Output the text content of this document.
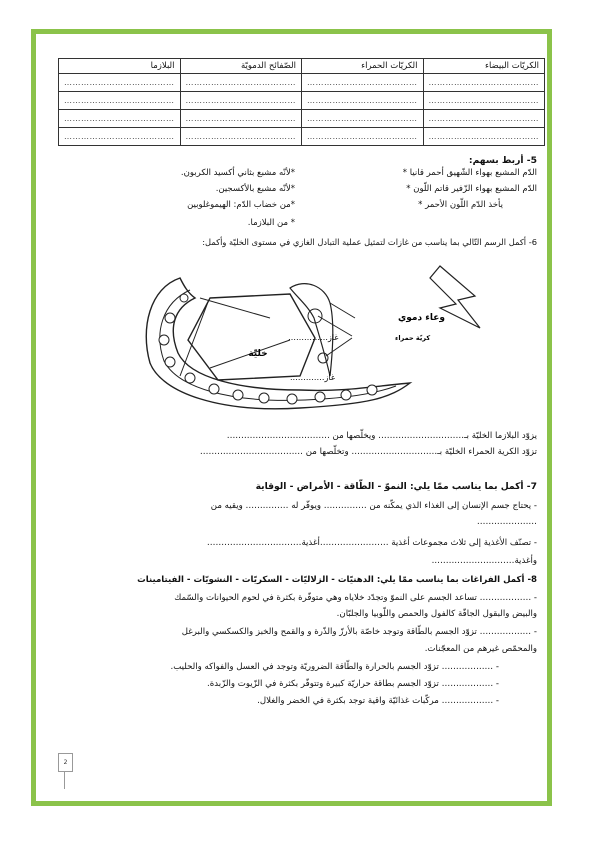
الكريّات البيضاء	الكريّات الحمراء	الصّفائح الدمويّة	البلازما
…………………………………	…………………………………	…………………………………	…………………………………
…………………………………	…………………………………	…………………………………	…………………………………
…………………………………	…………………………………	…………………………………	…………………………………
…………………………………	…………………………………	…………………………………	…………………………………
5- أربط بسهم:
الدّم المشبع بهواء الشّهيق أحمر قانيا *
الدّم المشبع بهواء الزّفير قاتم اللّون *
يأخذ الدّم اللّون الأحمر *
*لأنّه مشبع بثاني أكسيد الكربون.
*لأنّه مشبع بالأكسجين.
*من خضاب الدّم: الهيموغلوبين
* من البلازما.
6- أكمل الرسم التّالي بما يناسب من غازات لتمثيل عملية التبادل الغازي في مستوى الخليّة وأكمل:
وعاء دموي
كريّة حمراء
خليّة
غاز……………
غاز………….
يزوّد البلازما الخليّة بـ………………………… ويخلّصها من ………………………………
تزوّد الكرية الحمراء الخليّة بـ………………………… وتخلّصها من ………………………………
7- أكمل بما يناسب ممّا يلي: النموّ - الطّاقة - الأمراض - الوقاية
- يحتاج جسم الإنسان إلى الغذاء الذي يمكّنه من …………… ويوفّر له …………… ويقيه من
…………………
- تصنّف الأغذية إلى ثلاث مجموعات أغذية ……………………أغذية……………………………
وأغذية………………………..
8- أكمل الفراغات بما يناسب ممّا يلي: الدهنيّات - الزلاليّات - السكريّات - النشويّات - الفيتامينات
- ……………… تساعد الجسم على النموّ وتجدّد خلاياه وهي متوفّرة بكثرة في لحوم الحيوانات والسّمك
والبيض والبقول الجافّة كالفول والحمص واللّوبيا والجلبّان.
- ……………… تزوّد الجسم بالطّاقة وتوجد خاصّة بالأرزّ والذّرة و والقمح والخبز والكسكسي والبرغل
والمحمّص غيرهم من المعجّنات.
- ……………… تزوّد الجسم بالحرارة والطّاقة الضروريّة وتوجد في العسل والفواكه والحليب.
- ……………… تزوّد الجسم بطاقة حراريّة كبيرة وتتوفّر بكثرة في الزّيوت والزّبدة.
- ……………… مركّبات غذائيّة واقية توجد بكثرة في الخضر والغلال.
2
